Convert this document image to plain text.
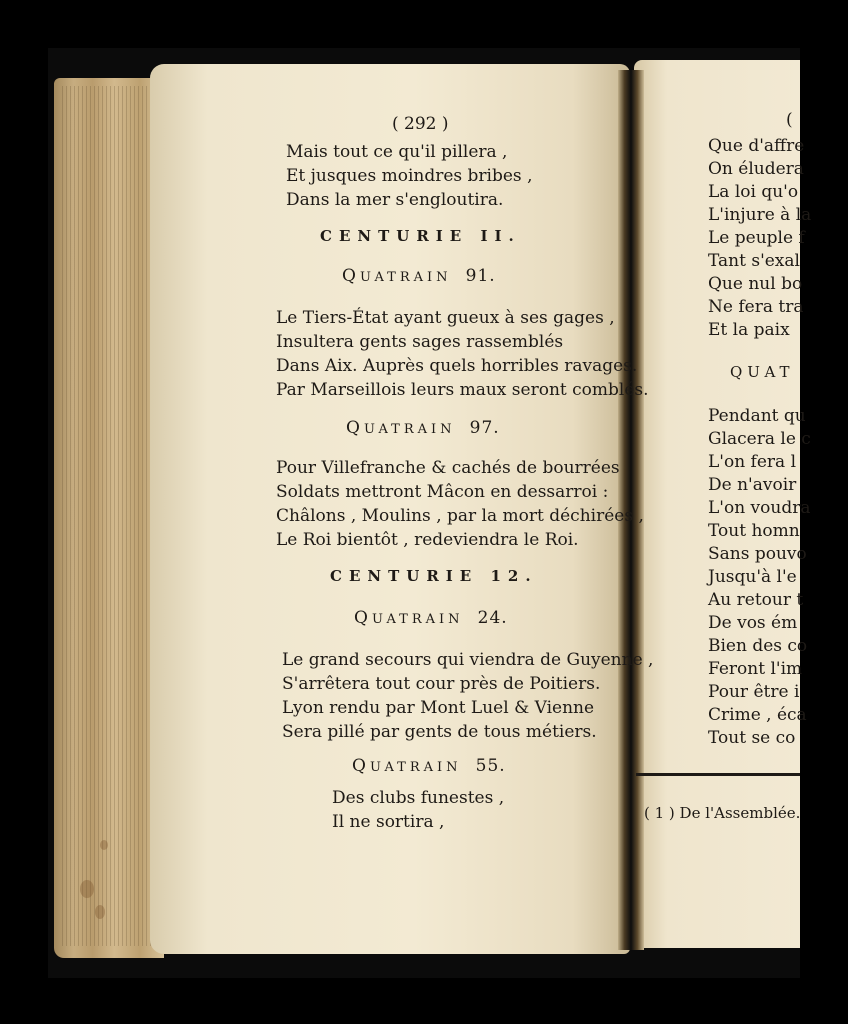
( 292 )
Mais tout ce qu'il pillera ,
Et jusques moindres bribes ,
Dans la mer s'engloutira.
CENTURIE II.
QUATRAIN 91.
Le Tiers-État ayant gueux à ses gages ,
Insultera gents sages rassemblés
Dans Aix. Auprès quels horribles ravages.
Par Marseillois leurs maux seront comblés.
QUATRAIN 97.
Pour Villefranche & cachés de bourrées
Soldats mettront Mâcon en dessarroi :
Châlons , Moulins , par la mort déchirées ,
Le Roi bientôt , redeviendra le Roi.
CENTURIE 12.
QUATRAIN 24.
Le grand secours qui viendra de Guyenne ,
S'arrêtera tout cour près de Poitiers.
Lyon rendu par Mont Luel & Vienne
Sera pillé par gents de tous métiers.
QUATRAIN 55.
Des clubs funestes ,
Il ne sortira ,
(
Que d'affre
On éludera
La loi qu'o
L'injure à la
Le peuple f
Tant s'exal
Que nul bo
Ne fera tra
Et la paix
QUAT
Pendant qu
Glacera le c
L'on fera l
De n'avoir
L'on voudra
Tout homn
Sans pouvo
Jusqu'à l'e
Au retour t
De vos ém
Bien des co
Feront l'im
Pour être i
Crime , éca
Tout se co
( 1 ) De l'Assemblée.
